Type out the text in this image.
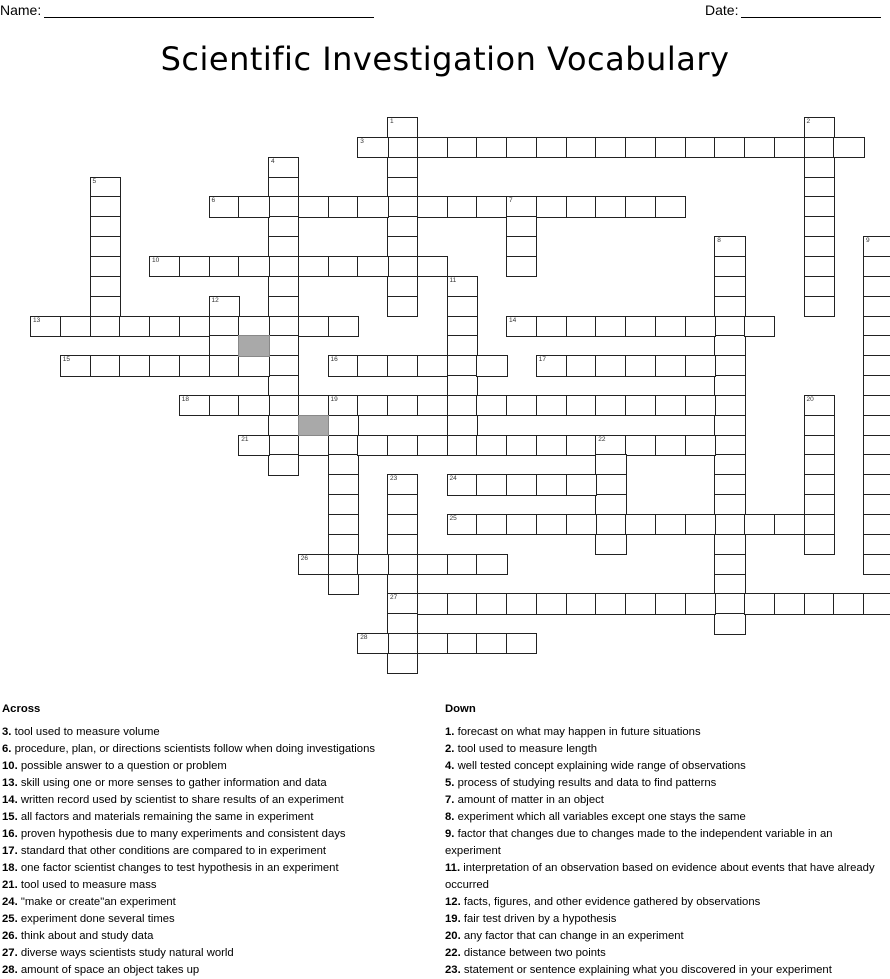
Name:	Date:
Scientific Investigation Vocabulary
1	2
3
4
5
6	7
8	9
10
11
12
13	14
15	16	17
18	19	20
21	22
23
27
24
25
26
28
Across
3. tool used to measure volume
6. procedure, plan, or directions scientists follow when doing investigations
10. possible answer to a question or problem
13. skill using one or more senses to gather information and data
14. written record used by scientist to share results of an experiment
15. all factors and materials remaining the same in experiment
16. proven hypothesis due to many experiments and consistent days
17. standard that other conditions are compared to in experiment
18. one factor scientist changes to test hypothesis in an experiment
21. tool used to measure mass
24. "make or create"an experiment
25. experiment done several times
26. think about and study data
27. diverse ways scientists study natural world
28. amount of space an object takes up
Down
1. forecast on what may happen in future situations
2. tool used to measure length
4. well tested concept explaining wide range of observations
5. process of studying results and data to find patterns
7. amount of matter in an object
8. experiment which all variables except one stays the same
9. factor that changes due to changes made to the independent variable in an experiment
11. interpretation of an observation based on evidence about events that have already occurred
12. facts, figures, and other evidence gathered by observations
19. fair test driven by a hypothesis
20. any factor that can change in an experiment
22. distance between two points
23. statement or sentence explaining what you discovered in your experiment
